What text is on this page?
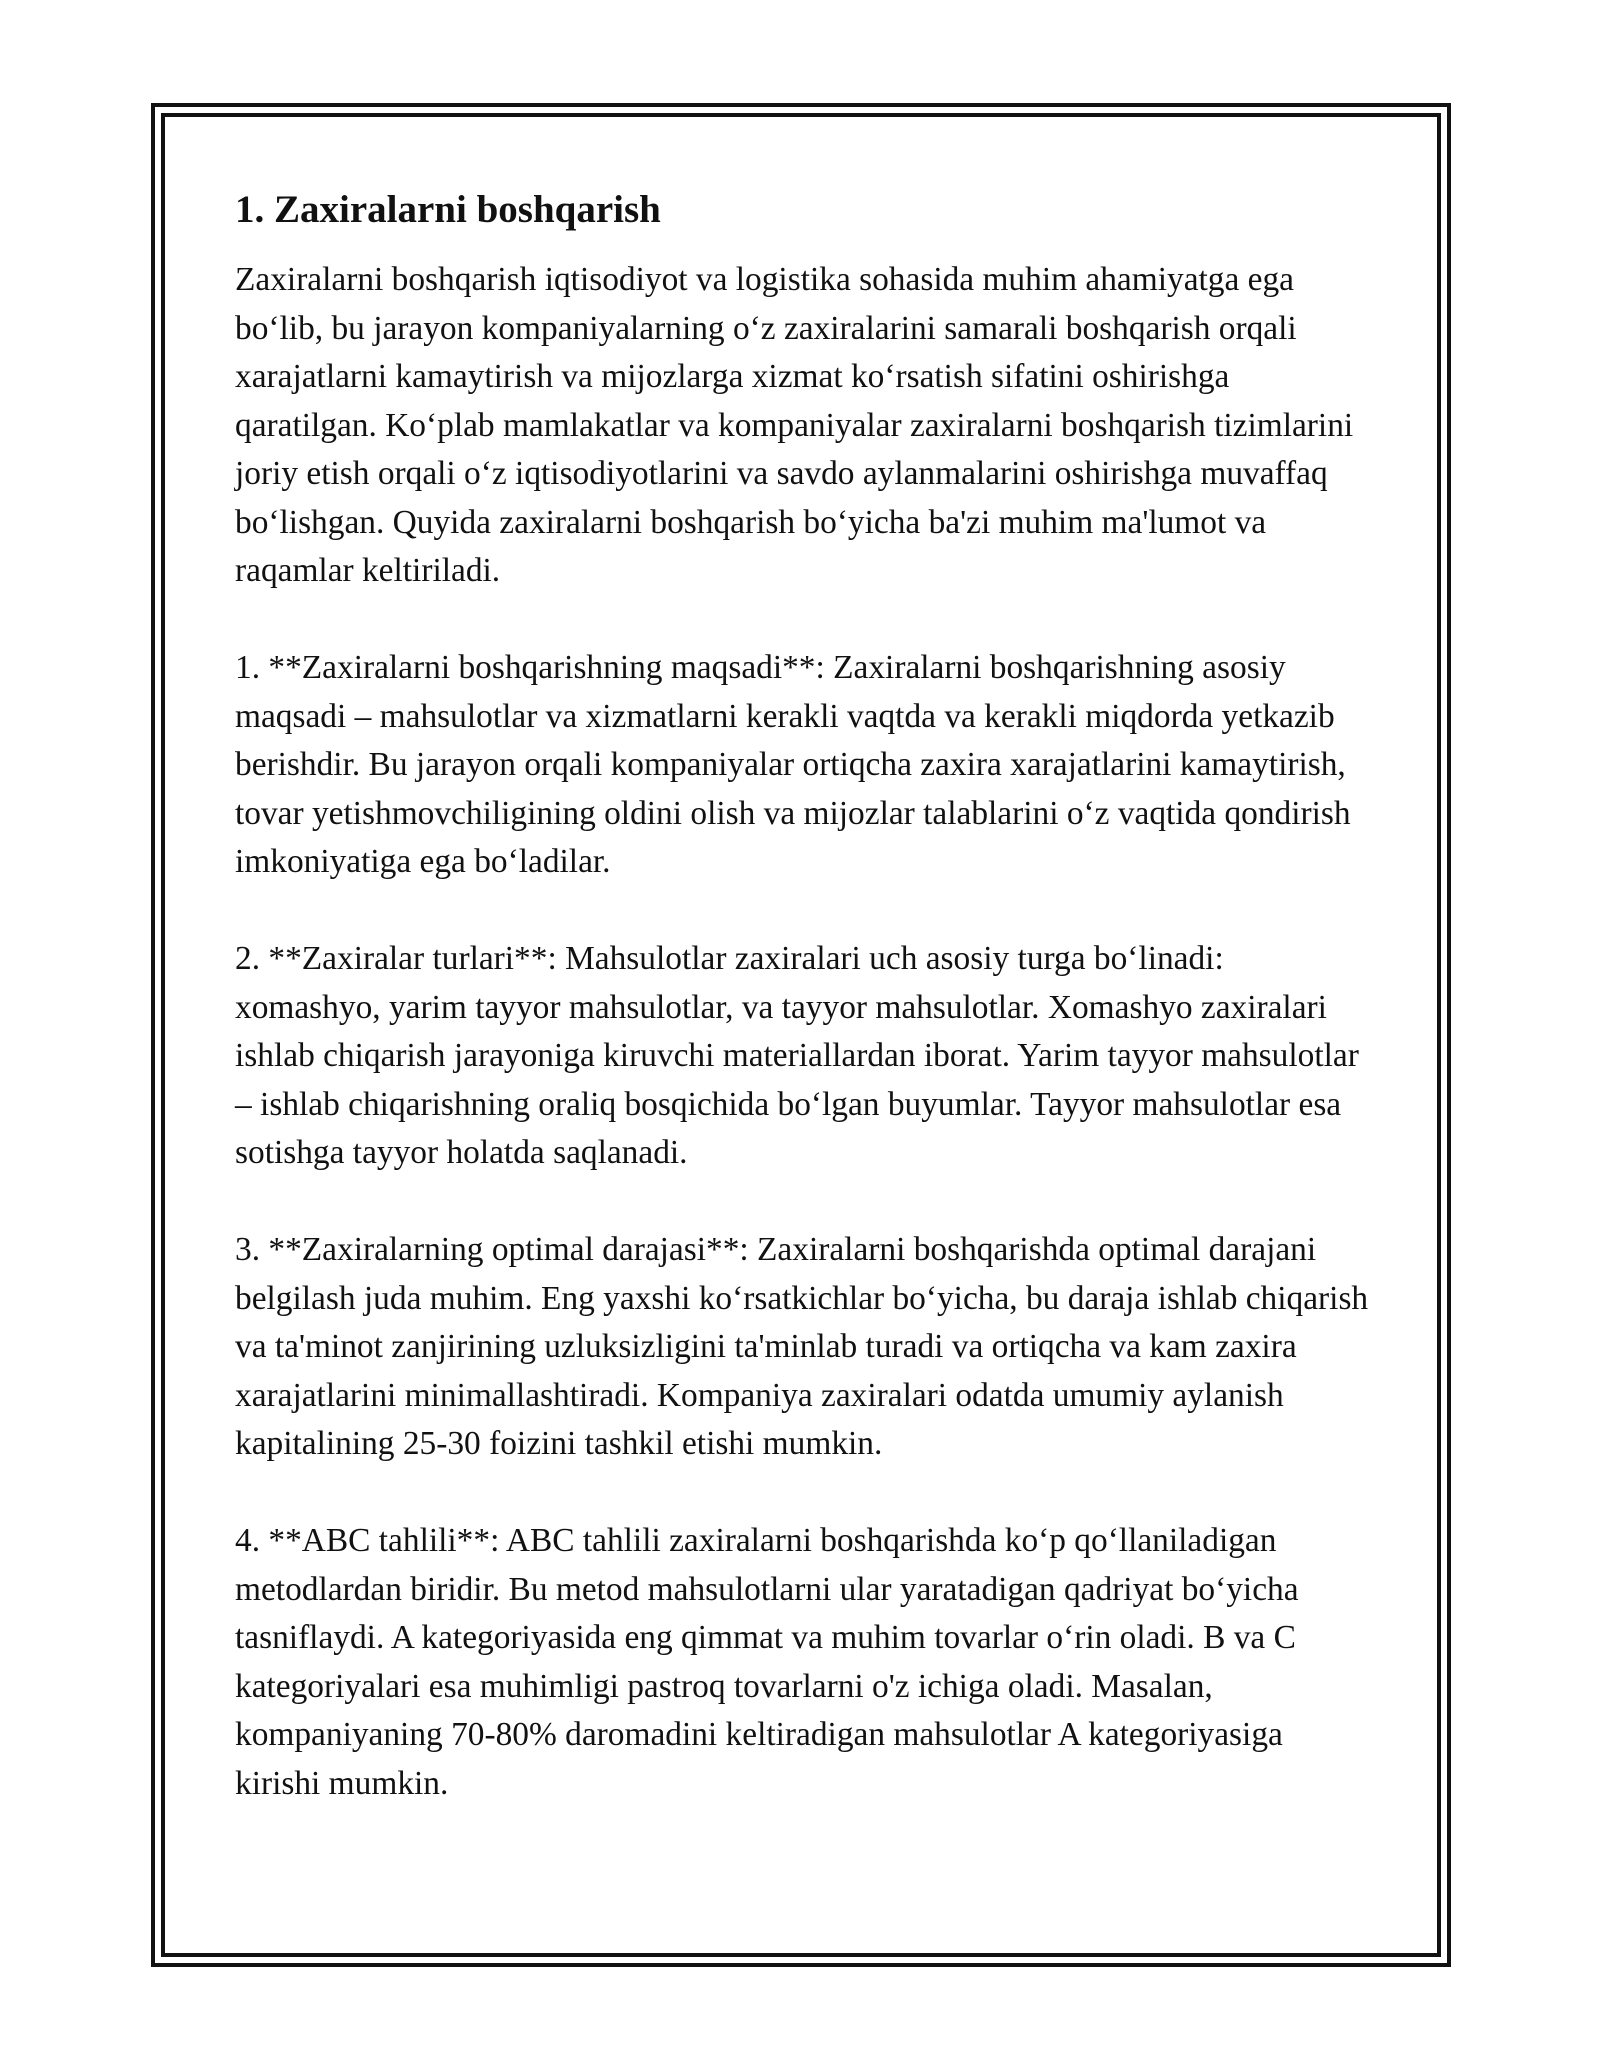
1. Zaxiralarni boshqarish

Zaxiralarni boshqarish iqtisodiyot va logistika sohasida muhim ahamiyatga ega boʻlib, bu jarayon kompaniyalarning oʻz zaxiralarini samarali boshqarish orqali xarajatlarni kamaytirish va mijozlarga xizmat koʻrsatish sifatini oshirishga qaratilgan. Koʻplab mamlakatlar va kompaniyalar zaxiralarni boshqarish tizimlarini joriy etish orqali oʻz iqtisodiyotlarini va savdo aylanmalarini oshirishga muvaffaq boʻlishgan. Quyida zaxiralarni boshqarish boʻyicha ba'zi muhim ma'lumot va raqamlar keltiriladi.

1. **Zaxiralarni boshqarishning maqsadi**: Zaxiralarni boshqarishning asosiy maqsadi – mahsulotlar va xizmatlarni kerakli vaqtda va kerakli miqdorda yetkazib berishdir. Bu jarayon orqali kompaniyalar ortiqcha zaxira xarajatlarini kamaytirish, tovar yetishmovchiligining oldini olish va mijozlar talablarini oʻz vaqtida qondirish imkoniyatiga ega boʻladilar.

2. **Zaxiralar turlari**: Mahsulotlar zaxiralari uch asosiy turga boʻlinadi: xomashyo, yarim tayyor mahsulotlar, va tayyor mahsulotlar. Xomashyo zaxiralari ishlab chiqarish jarayoniga kiruvchi materiallardan iborat. Yarim tayyor mahsulotlar – ishlab chiqarishning oraliq bosqichida boʻlgan buyumlar. Tayyor mahsulotlar esa sotishga tayyor holatda saqlanadi.

3. **Zaxiralarning optimal darajasi**: Zaxiralarni boshqarishda optimal darajani belgilash juda muhim. Eng yaxshi koʻrsatkichlar boʻyicha, bu daraja ishlab chiqarish va ta'minot zanjirining uzluksizligini ta'minlab turadi va ortiqcha va kam zaxira xarajatlarini minimallashtiradi. Kompaniya zaxiralari odatda umumiy aylanish kapitalining 25-30 foizini tashkil etishi mumkin.

4. **ABC tahlili**: ABC tahlili zaxiralarni boshqarishda koʻp qoʻllaniladigan metodlardan biridir. Bu metod mahsulotlarni ular yaratadigan qadriyat boʻyicha tasniflaydi. A kategoriyasida eng qimmat va muhim tovarlar oʻrin oladi. B va C kategoriyalari esa muhimligi pastroq tovarlarni o'z ichiga oladi. Masalan, kompaniyaning 70-80% daromadini keltiradigan mahsulotlar A kategoriyasiga kirishi mumkin.
